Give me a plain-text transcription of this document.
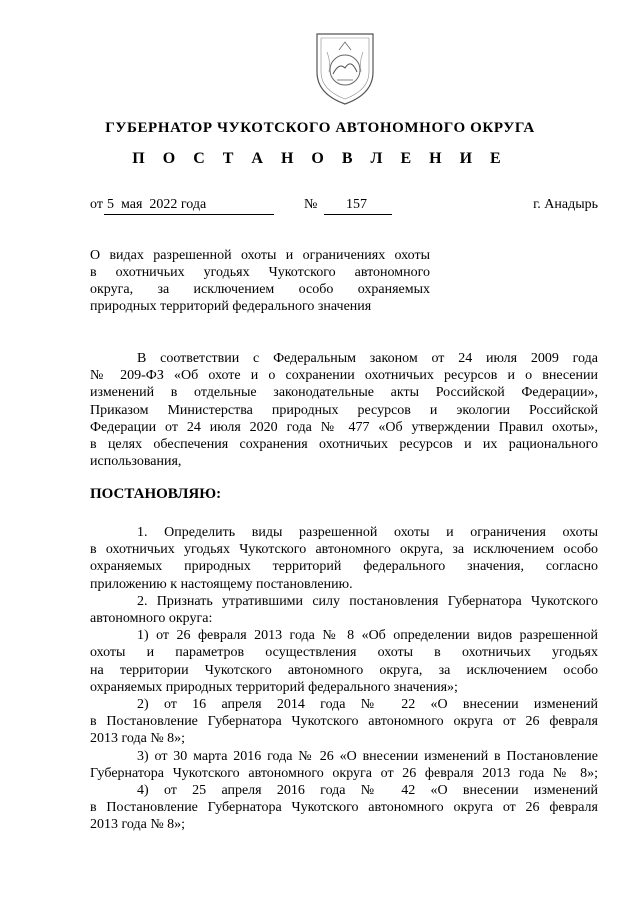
ГУБЕРНАТОР ЧУКОТСКОГО АВТОНОМНОГО ОКРУГА
П О С Т А Н О В Л Е Н И Е
от 5  мая  2022 года	№ 157	г. Анадырь
О видах разрешенной охоты и ограничениях охоты
в охотничьих угодьях Чукотского автономного
округа, за исключением особо охраняемых
природных территорий федерального значения
В соответствии с Федеральным законом от 24 июля 2009 года
№ 209-ФЗ «Об охоте и о сохранении охотничьих ресурсов и о внесении
изменений в отдельные законодательные акты Российской Федерации»,
Приказом Министерства природных ресурсов и экологии Российской
Федерации от 24 июля 2020 года № 477 «Об утверждении Правил охоты»,
в целях обеспечения сохранения охотничьих ресурсов и их рационального
использования,
ПОСТАНОВЛЯЮ:
1. Определить виды разрешенной охоты и ограничения охоты
в охотничьих угодьях Чукотского автономного округа, за исключением особо
охраняемых природных территорий федерального значения, согласно
приложению к настоящему постановлению.
2. Признать утратившими силу постановления Губернатора Чукотского
автономного округа:
1) от 26 февраля 2013 года № 8 «Об определении видов разрешенной
охоты и параметров осуществления охоты в охотничьих угодьях
на территории Чукотского автономного округа, за исключением особо
охраняемых природных территорий федерального значения»;
2) от 16 апреля 2014 года № 22 «О внесении изменений
в Постановление Губернатора Чукотского автономного округа от 26 февраля
2013 года № 8»;
3) от 30 марта 2016 года № 26 «О внесении изменений в Постановление
Губернатора Чукотского автономного округа от 26 февраля 2013 года № 8»;
4) от 25 апреля 2016 года № 42 «О внесении изменений
в Постановление Губернатора Чукотского автономного округа от 26 февраля
2013 года № 8»;
